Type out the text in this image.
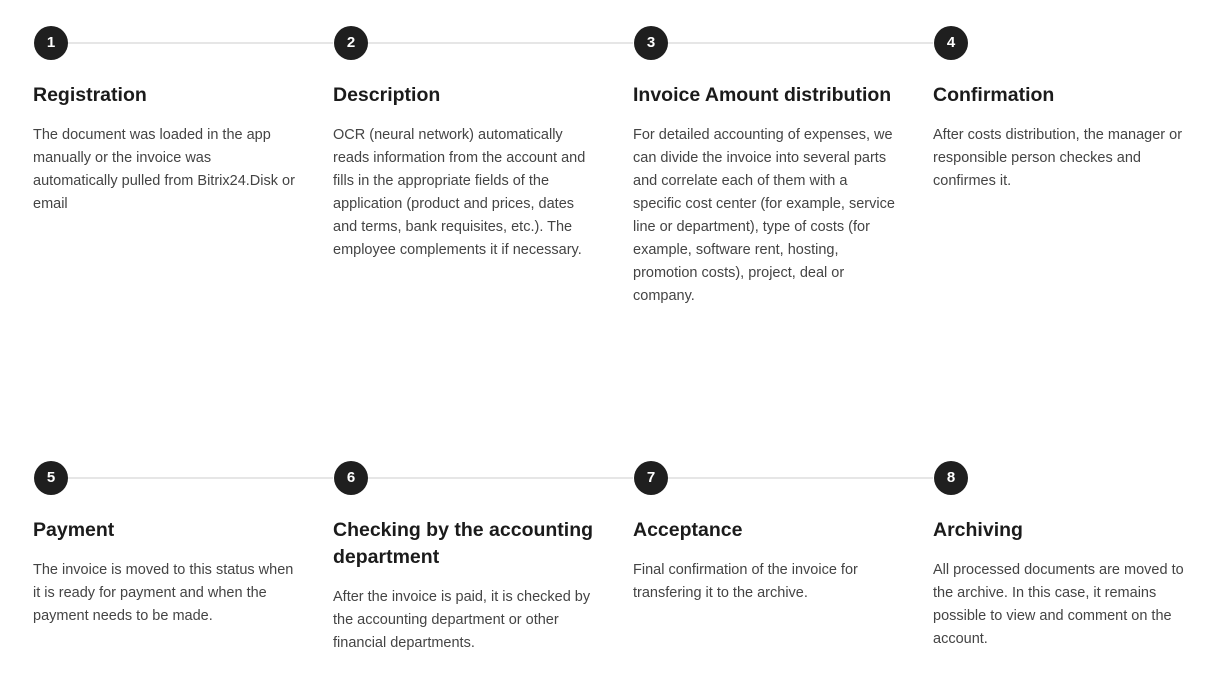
1
Registration

The document was loaded in the app manually or the invoice was automatically pulled from Bitrix24.Disk or email

2
Description

OCR (neural network) automatically reads information from the account and fills in the appropriate fields of the application (product and prices, dates and terms, bank requisites, etc.). The employee complements it if necessary.

3
Invoice Amount distribution

For detailed accounting of expenses, we can divide the invoice into several parts and correlate each of them with a specific cost center (for example, service line or department), type of costs (for example, software rent, hosting, promotion costs), project, deal or company.

4
Confirmation

After costs distribution, the manager or responsible person checkes and confirmes it.

5
Payment

The invoice is moved to this status when it is ready for payment and when the payment needs to be made.

6
Checking by the accounting department

After the invoice is paid, it is checked by the accounting department or other financial departments.

7
Acceptance

Final confirmation of the invoice for transfering it to the archive.

8
Archiving

All processed documents are moved to the archive. In this case, it remains possible to view and comment on the account.
